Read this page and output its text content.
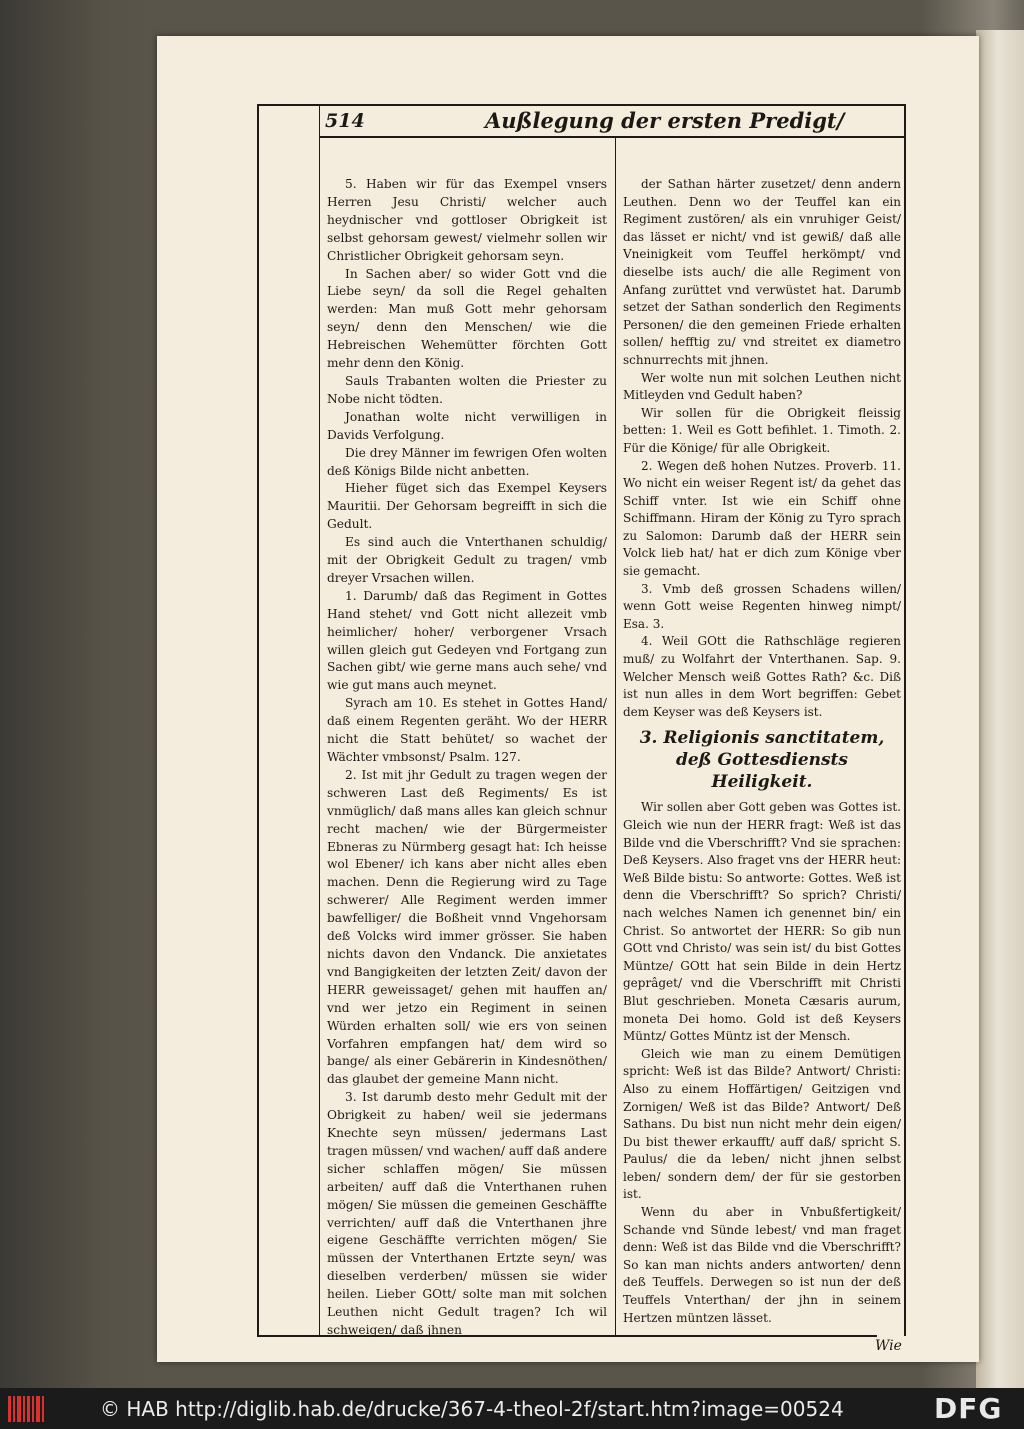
514	Außlegung der ersten Predigt/

5. Haben wir für das Exempel vnsers Herren Jesu Christi/ welcher auch heydnischer vnd gottloser Obrigkeit ist selbst gehorsam gewest/ vielmehr sollen wir Christlicher Obrigkeit gehorsam seyn.

In Sachen aber/ so wider Gott vnd die Liebe seyn/ da soll die Regel gehalten werden: Man muß Gott mehr gehorsam seyn/ denn den Menschen/ wie die Hebreischen Wehemütter förchten Gott mehr denn den König.

Sauls Trabanten wolten die Priester zu Nobe nicht tödten.

Jonathan wolte nicht verwilligen in Davids Verfolgung.

Die drey Männer im fewrigen Ofen wolten deß Königs Bilde nicht anbetten.

Hieher füget sich das Exempel Keysers Mauritii. Der Gehorsam begreifft in sich die Gedult.

Es sind auch die Vnterthanen schuldig/ mit der Obrigkeit Gedult zu tragen/ vmb dreyer Vrsachen willen.

1. Darumb/ daß das Regiment in Gottes Hand stehet/ vnd Gott nicht allezeit vmb heimlicher/ hoher/ verborgener Vrsach willen gleich gut Gedeyen vnd Fortgang zun Sachen gibt/ wie gerne mans auch sehe/ vnd wie gut mans auch meynet.

Syrach am 10. Es stehet in Gottes Hand/ daß einem Regenten geräht. Wo der HERR nicht die Statt behütet/ so wachet der Wächter vmbsonst/ Psalm. 127.

2. Ist mit jhr Gedult zu tragen wegen der schweren Last deß Regiments/ Es ist vnmüglich/ daß mans alles kan gleich schnur recht machen/ wie der Bürgermeister Ebneras zu Nürmberg gesagt hat: Ich heisse wol Ebener/ ich kans aber nicht alles eben machen. Denn die Regierung wird zu Tage schwerer/ Alle Regiment werden immer bawfelliger/ die Boßheit vnnd Vngehorsam deß Volcks wird immer grösser. Sie haben nichts davon den Vndanck. Die anxietates vnd Bangigkeiten der letzten Zeit/ davon der HERR geweissaget/ gehen mit hauffen an/ vnd wer jetzo ein Regiment in seinen Würden erhalten soll/ wie ers von seinen Vorfahren empfangen hat/ dem wird so bange/ als einer Gebärerin in Kindesnöthen/ das glaubet der gemeine Mann nicht.

3. Ist darumb desto mehr Gedult mit der Obrigkeit zu haben/ weil sie jedermans Knechte seyn müssen/ jedermans Last tragen müssen/ vnd wachen/ auff daß andere sicher schlaffen mögen/ Sie müssen arbeiten/ auff daß die Vnterthanen ruhen mögen/ Sie müssen die gemeinen Geschäffte verrichten/ auff daß die Vnterthanen jhre eigene Geschäffte verrichten mögen/ Sie müssen der Vnterthanen Ertzte seyn/ was dieselben verderben/ müssen sie wider heilen. Lieber GOtt/ solte man mit solchen Leuthen nicht Gedult tragen? Ich wil schweigen/ daß jhnen

der Sathan härter zusetzet/ denn andern Leuthen. Denn wo der Teuffel kan ein Regiment zustören/ als ein vnruhiger Geist/ das lässet er nicht/ vnd ist gewiß/ daß alle Vneinigkeit vom Teuffel herkömpt/ vnd dieselbe ists auch/ die alle Regiment von Anfang zurüttet vnd verwüstet hat. Darumb setzet der Sathan sonderlich den Regiments Personen/ die den gemeinen Friede erhalten sollen/ hefftig zu/ vnd streitet ex diametro schnurrechts mit jhnen.

Wer wolte nun mit solchen Leuthen nicht Mitleyden vnd Gedult haben?

Wir sollen für die Obrigkeit fleissig betten: 1. Weil es Gott befihlet. 1. Timoth. 2. Für die Könige/ für alle Obrigkeit.

2. Wegen deß hohen Nutzes. Proverb. 11. Wo nicht ein weiser Regent ist/ da gehet das Schiff vnter. Ist wie ein Schiff ohne Schiffmann. Hiram der König zu Tyro sprach zu Salomon: Darumb daß der HERR sein Volck lieb hat/ hat er dich zum Könige vber sie gemacht.

3. Vmb deß grossen Schadens willen/ wenn Gott weise Regenten hinweg nimpt/ Esa. 3.

4. Weil GOtt die Rathschläge regieren muß/ zu Wolfahrt der Vnterthanen. Sap. 9. Welcher Mensch weiß Gottes Rath? &c. Diß ist nun alles in dem Wort begriffen: Gebet dem Keyser was deß Keysers ist.

3. Religionis sanctitatem, deß Gottesdiensts Heiligkeit.

Wir sollen aber Gott geben was Gottes ist. Gleich wie nun der HERR fragt: Weß ist das Bilde vnd die Vberschrifft? Vnd sie sprachen: Deß Keysers. Also fraget vns der HERR heut: Weß Bilde bistu: So antworte: Gottes. Weß ist denn die Vberschrifft? So sprich? Christi/ nach welches Namen ich genennet bin/ ein Christ. So antwortet der HERR: So gib nun GOtt vnd Christo/ was sein ist/ du bist Gottes Müntze/ GOtt hat sein Bilde in dein Hertz geprâget/ vnd die Vberschrifft mit Christi Blut geschrieben. Moneta Cæsaris aurum, moneta Dei homo. Gold ist deß Keysers Müntz/ Gottes Müntz ist der Mensch.

Gleich wie man zu einem Demütigen spricht: Weß ist das Bilde? Antwort/ Christi: Also zu einem Hoffärtigen/ Geitzigen vnd Zornigen/ Weß ist das Bilde? Antwort/ Deß Sathans. Du bist nun nicht mehr dein eigen/ Du bist thewer erkaufft/ auff daß/ spricht S. Paulus/ die da leben/ nicht jhnen selbst leben/ sondern dem/ der für sie gestorben ist.

Wenn du aber in Vnbußfertigkeit/ Schande vnd Sünde lebest/ vnd man fraget denn: Weß ist das Bilde vnd die Vberschrifft? So kan man nichts anders antworten/ denn deß Teuffels. Derwegen so ist nun der deß Teuffels Vnterthan/ der jhn in seinem Hertzen müntzen lässet.

Wie
© HAB http://diglib.hab.de/drucke/367-4-theol-2f/start.htm?image=00524	DFG
